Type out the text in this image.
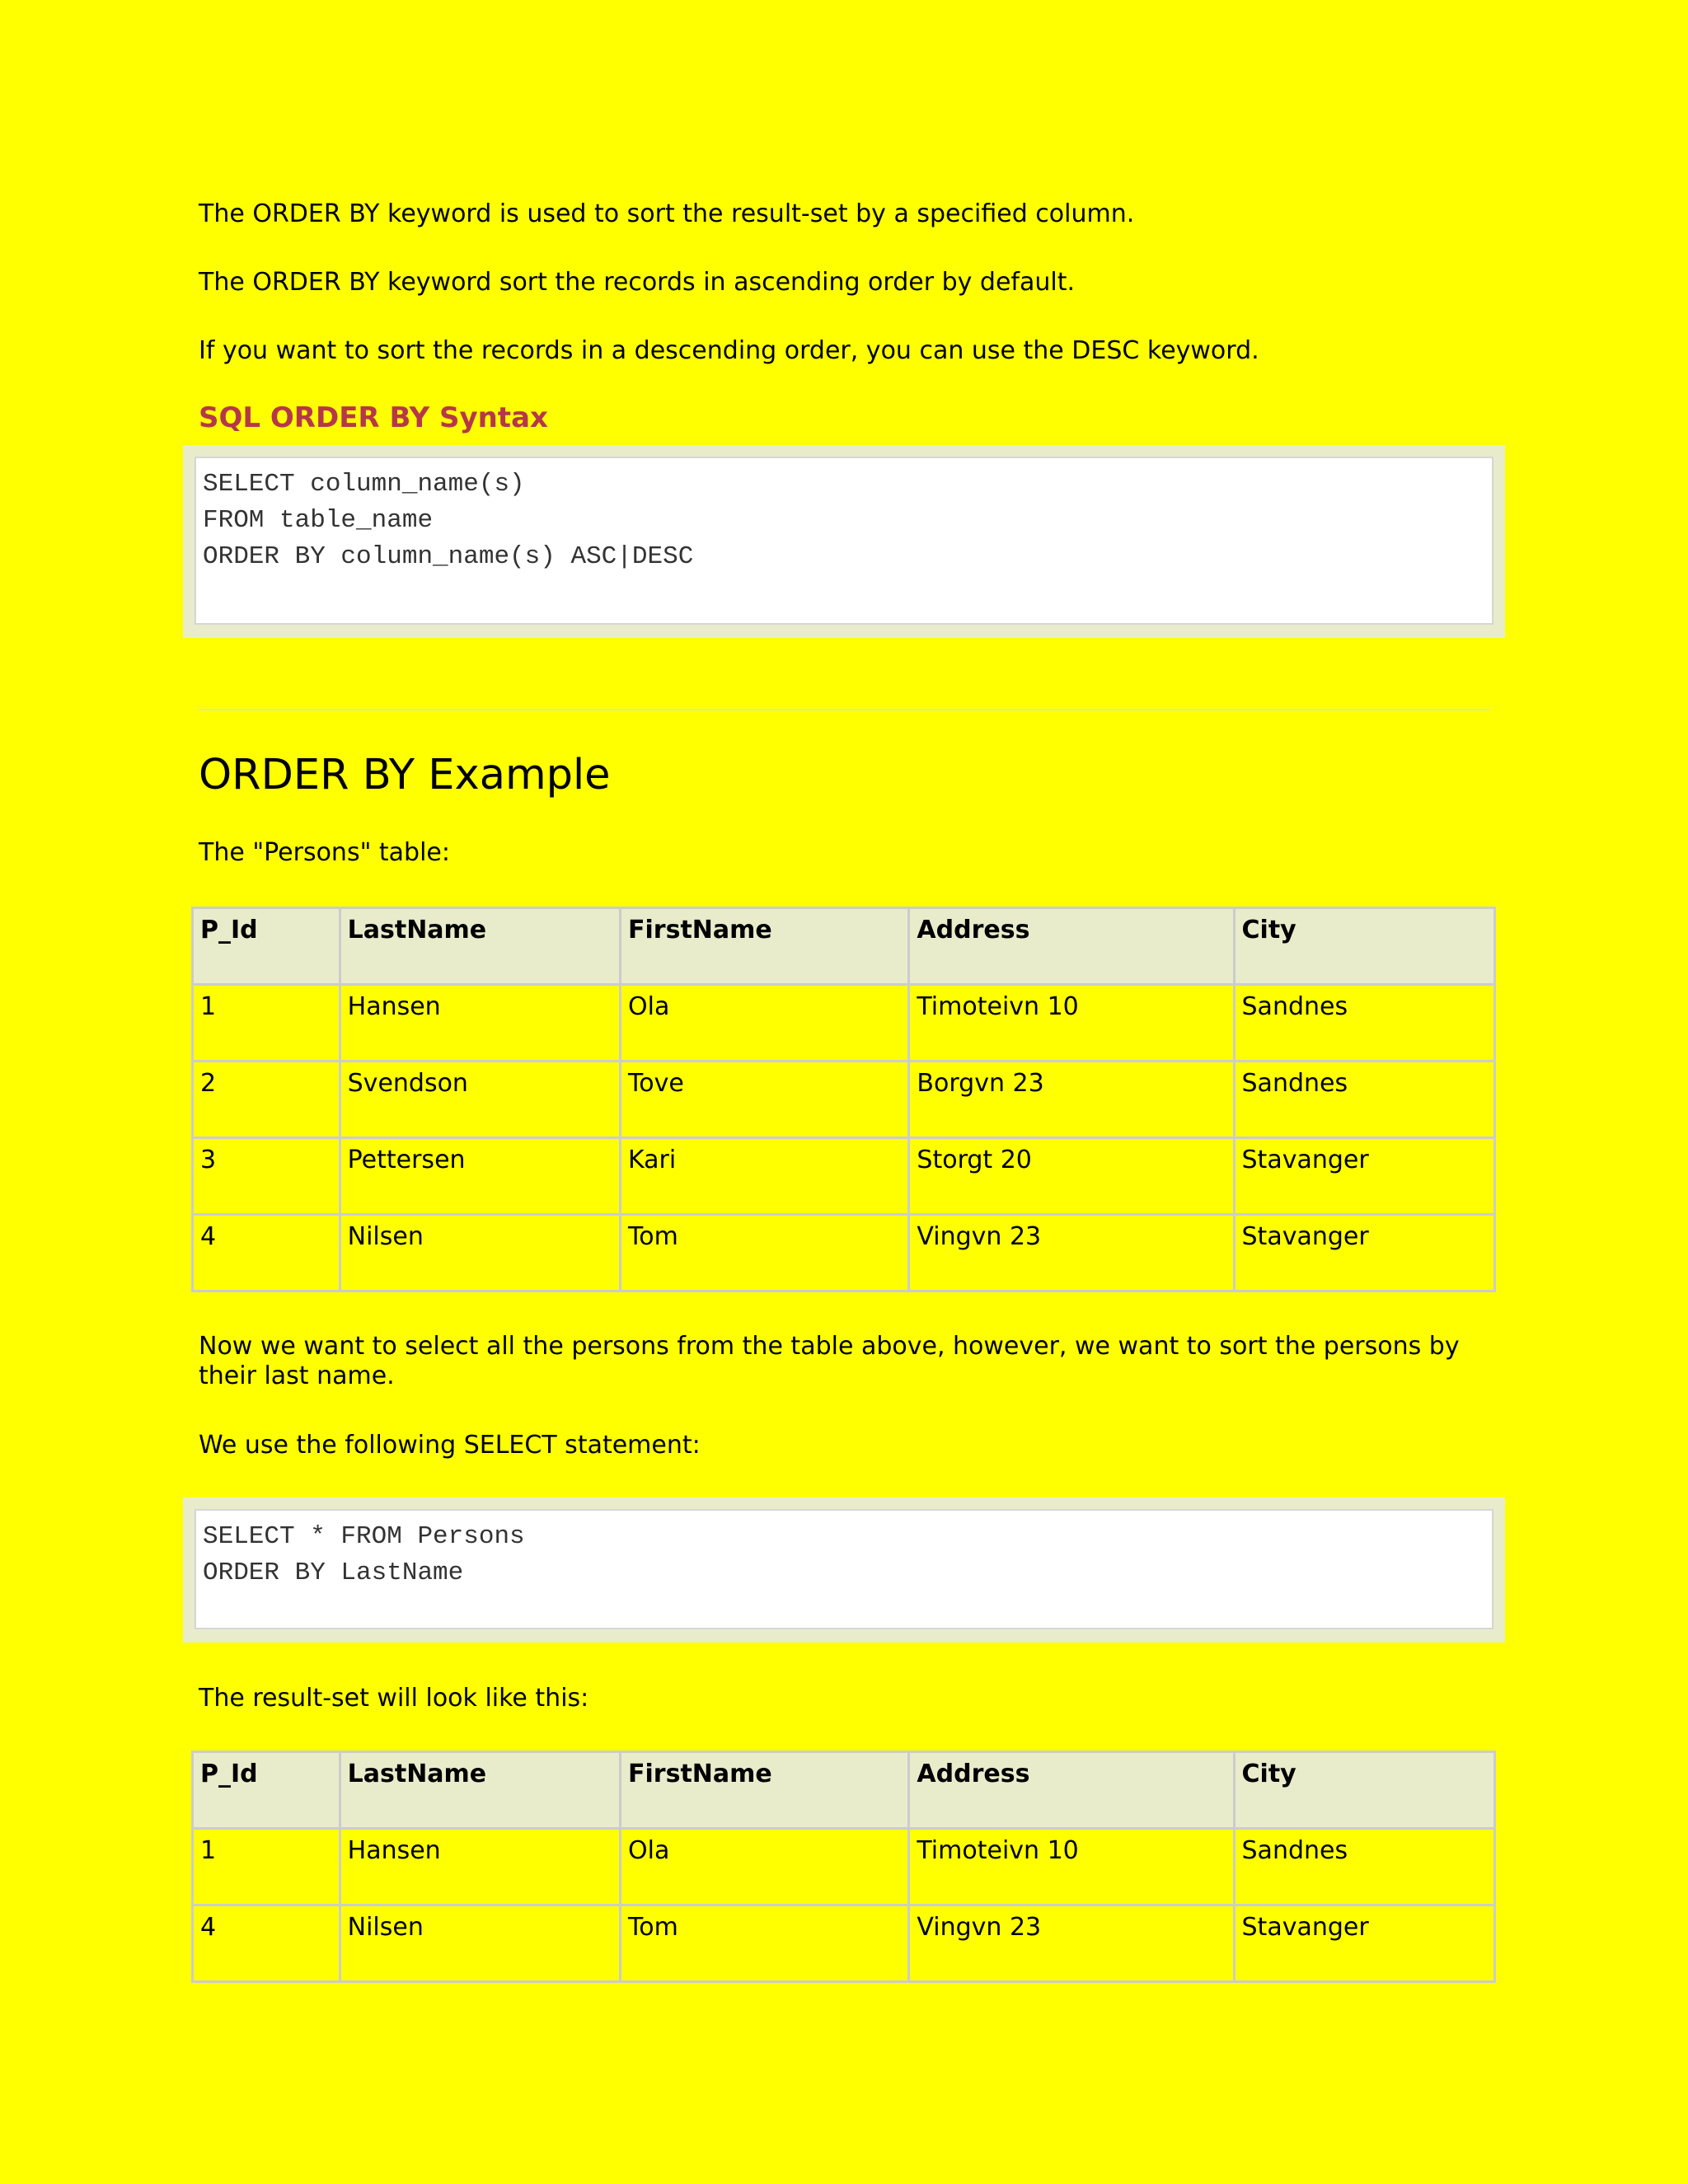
The ORDER BY keyword is used to sort the result-set by a specified column.

The ORDER BY keyword sort the records in ascending order by default.

If you want to sort the records in a descending order, you can use the DESC keyword.

SQL ORDER BY Syntax
SELECT column_name(s)
FROM table_name
ORDER BY column_name(s) ASC|DESC
ORDER BY Example

The "Persons" table:

P_Id	LastName	FirstName	Address	City
1	Hansen	Ola	Timoteivn 10	Sandnes
2	Svendson	Tove	Borgvn 23	Sandnes
3	Pettersen	Kari	Storgt 20	Stavanger
4	Nilsen	Tom	Vingvn 23	Stavanger

Now we want to select all the persons from the table above, however, we want to sort the persons by their last name.

We use the following SELECT statement:

SELECT * FROM Persons
ORDER BY LastName

The result-set will look like this:

P_Id	LastName	FirstName	Address	City
1	Hansen	Ola	Timoteivn 10	Sandnes
4	Nilsen	Tom	Vingvn 23	Stavanger
